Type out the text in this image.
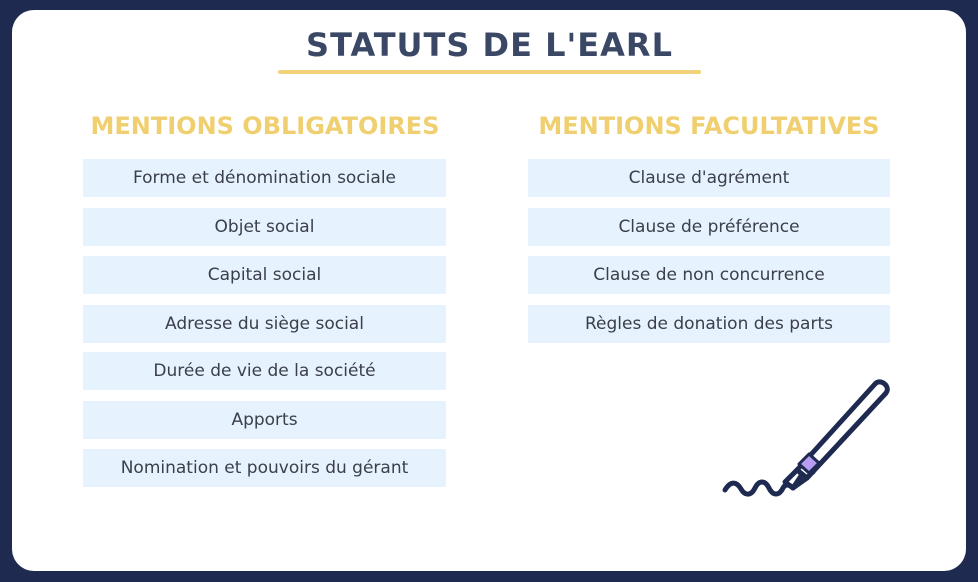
STATUTS DE L'EARL
MENTIONS OBLIGATOIRES	MENTIONS FACULTATIVES
Forme et dénomination sociale
Objet social
Capital social
Adresse du siège social
Durée de vie de la société
Apports
Nomination et pouvoirs du gérant
Clause d'agrément
Clause de préférence
Clause de non concurrence
Règles de donation des parts
